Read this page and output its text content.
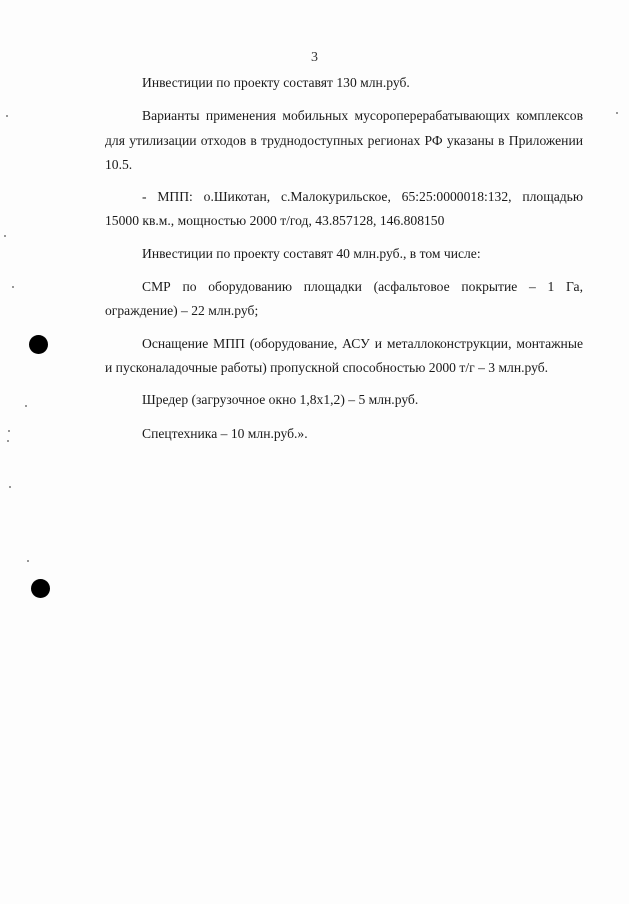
3

Инвестиции по проекту составят 130 млн.руб.

Варианты применения мобильных мусороперерабатывающих комплексов для утилизации отходов в труднодоступных регионах РФ указаны в Приложении 10.5.

- МПП: о.Шикотан, с.Малокурильское, 65:25:0000018:132, площадью 15000 кв.м., мощностью 2000 т/год, 43.857128, 146.808150

Инвестиции по проекту составят 40 млн.руб., в том числе:

СМР по оборудованию площадки (асфальтовое покрытие – 1 Га, ограждение) – 22 млн.руб;

Оснащение МПП (оборудование, АСУ и металлоконструкции, монтажные и пусконаладочные работы) пропускной способностью 2000 т/г – 3 млн.руб.

Шредер (загрузочное окно 1,8x1,2) – 5 млн.руб.

Спецтехника – 10 млн.руб.».
